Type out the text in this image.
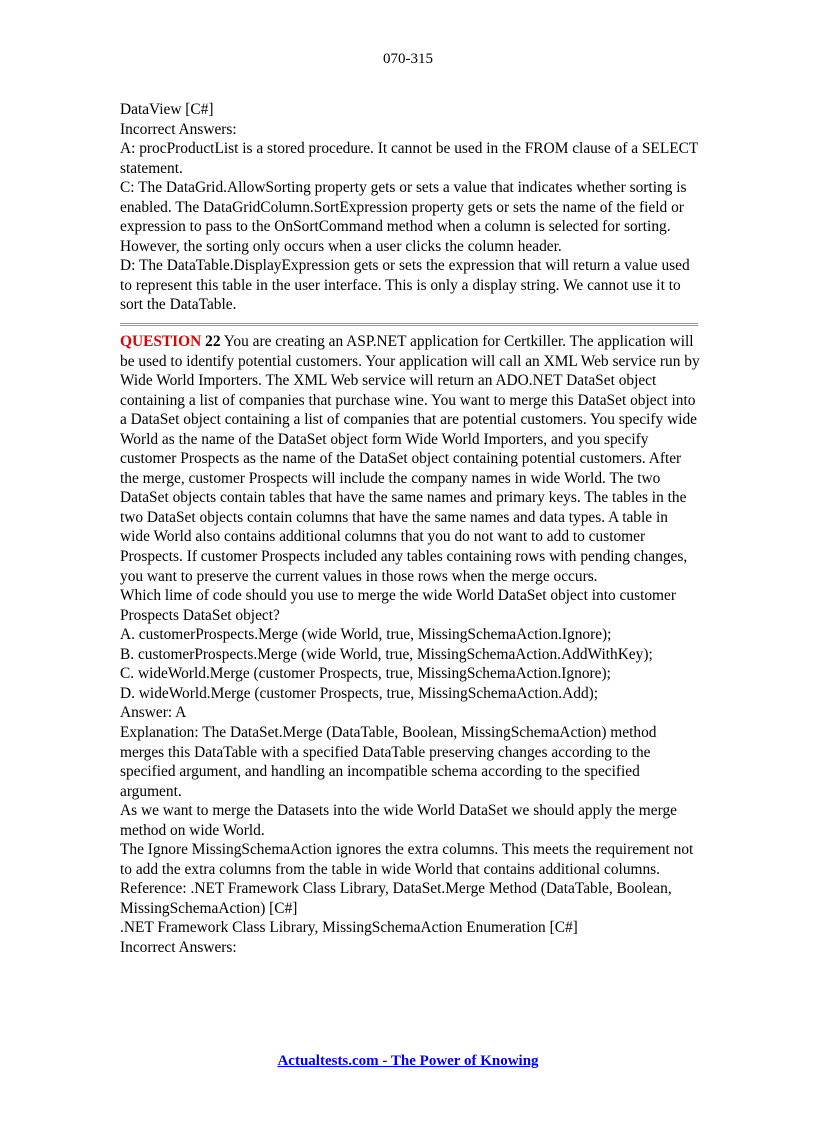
070-315

DataView [C#]

Incorrect Answers:

A: procProductList is a stored procedure. It cannot be used in the FROM clause of a SELECT statement.

C: The DataGrid.AllowSorting property gets or sets a value that indicates whether sorting is enabled. The DataGridColumn.SortExpression property gets or sets the name of the field or expression to pass to the OnSortCommand method when a column is selected for sorting. However, the sorting only occurs when a user clicks the column header.

D: The DataTable.DisplayExpression gets or sets the expression that will return a value used to represent this table in the user interface. This is only a display string. We cannot use it to sort the DataTable.

QUESTION 22 You are creating an ASP.NET application for Certkiller. The application will be used to identify potential customers. Your application will call an XML Web service run by Wide World Importers. The XML Web service will return an ADO.NET DataSet object containing a list of companies that purchase wine. You want to merge this DataSet object into a DataSet object containing a list of companies that are potential customers. You specify wide World as the name of the DataSet object form Wide World Importers, and you specify customer Prospects as the name of the DataSet object containing potential customers. After the merge, customer Prospects will include the company names in wide World. The two DataSet objects contain tables that have the same names and primary keys. The tables in the two DataSet objects contain columns that have the same names and data types. A table in wide World also contains additional columns that you do not want to add to customer Prospects. If customer Prospects included any tables containing rows with pending changes, you want to preserve the current values in those rows when the merge occurs.

Which lime of code should you use to merge the wide World DataSet object into customer Prospects DataSet object?

A. customerProspects.Merge (wide World, true, MissingSchemaAction.Ignore);

B. customerProspects.Merge (wide World, true, MissingSchemaAction.AddWithKey);

C. wideWorld.Merge (customer Prospects, true, MissingSchemaAction.Ignore);

D. wideWorld.Merge (customer Prospects, true, MissingSchemaAction.Add);

Answer: A

Explanation: The DataSet.Merge (DataTable, Boolean, MissingSchemaAction) method merges this DataTable with a specified DataTable preserving changes according to the specified argument, and handling an incompatible schema according to the specified argument.

As we want to merge the Datasets into the wide World DataSet we should apply the merge method on wide World.

The Ignore MissingSchemaAction ignores the extra columns. This meets the requirement not to add the extra columns from the table in wide World that contains additional columns.

Reference: .NET Framework Class Library, DataSet.Merge Method (DataTable, Boolean, MissingSchemaAction) [C#]

.NET Framework Class Library, MissingSchemaAction Enumeration [C#]

Incorrect Answers:

Actualtests.com - The Power of Knowing
